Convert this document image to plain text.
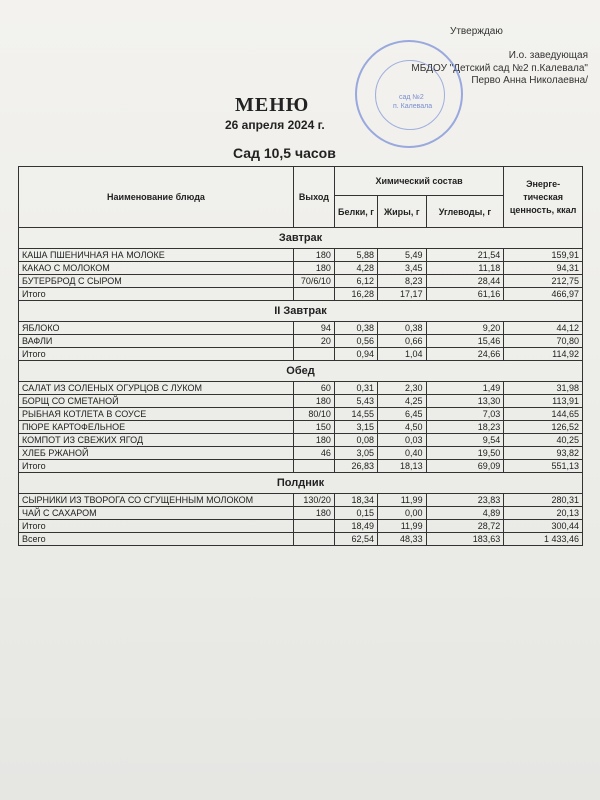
Утверждаю
И.о. заведующая
МБДОУ "Детский сад №2 п.Калевала"
Перво Анна Николаевна/
сад №2
п. Калевала
МЕНЮ
26 апреля 2024 г.
Сад 10,5 часов
Наименование блюда	Выход	Химический состав			Энерге-тическая ценность, ккал
		Белки, г	Жиры, г	Углеводы, г	
Завтрак					
КАША ПШЕНИЧНАЯ НА МОЛОКЕ	180	5,88	5,49	21,54	159,91
КАКАО С МОЛОКОМ	180	4,28	3,45	11,18	94,31
БУТЕРБРОД С СЫРОМ	70/6/10	6,12	8,23	28,44	212,75
Итого		16,28	17,17	61,16	466,97
II Завтрак					
ЯБЛОКО	94	0,38	0,38	9,20	44,12
ВАФЛИ	20	0,56	0,66	15,46	70,80
Итого		0,94	1,04	24,66	114,92
Обед					
САЛАТ ИЗ СОЛЕНЫХ ОГУРЦОВ С ЛУКОМ	60	0,31	2,30	1,49	31,98
БОРЩ СО СМЕТАНОЙ	180	5,43	4,25	13,30	113,91
РЫБНАЯ КОТЛЕТА В СОУСЕ	80/10	14,55	6,45	7,03	144,65
ПЮРЕ КАРТОФЕЛЬНОЕ	150	3,15	4,50	18,23	126,52
КОМПОТ ИЗ СВЕЖИХ ЯГОД	180	0,08	0,03	9,54	40,25
ХЛЕБ РЖАНОЙ	46	3,05	0,40	19,50	93,82
Итого		26,83	18,13	69,09	551,13
Полдник					
СЫРНИКИ ИЗ ТВОРОГА СО СГУЩЕННЫМ МОЛОКОМ	130/20	18,34	11,99	23,83	280,31
ЧАЙ С САХАРОМ	180	0,15	0,00	4,89	20,13
Итого		18,49	11,99	28,72	300,44
Всего		62,54	48,33	183,63	1 433,46
